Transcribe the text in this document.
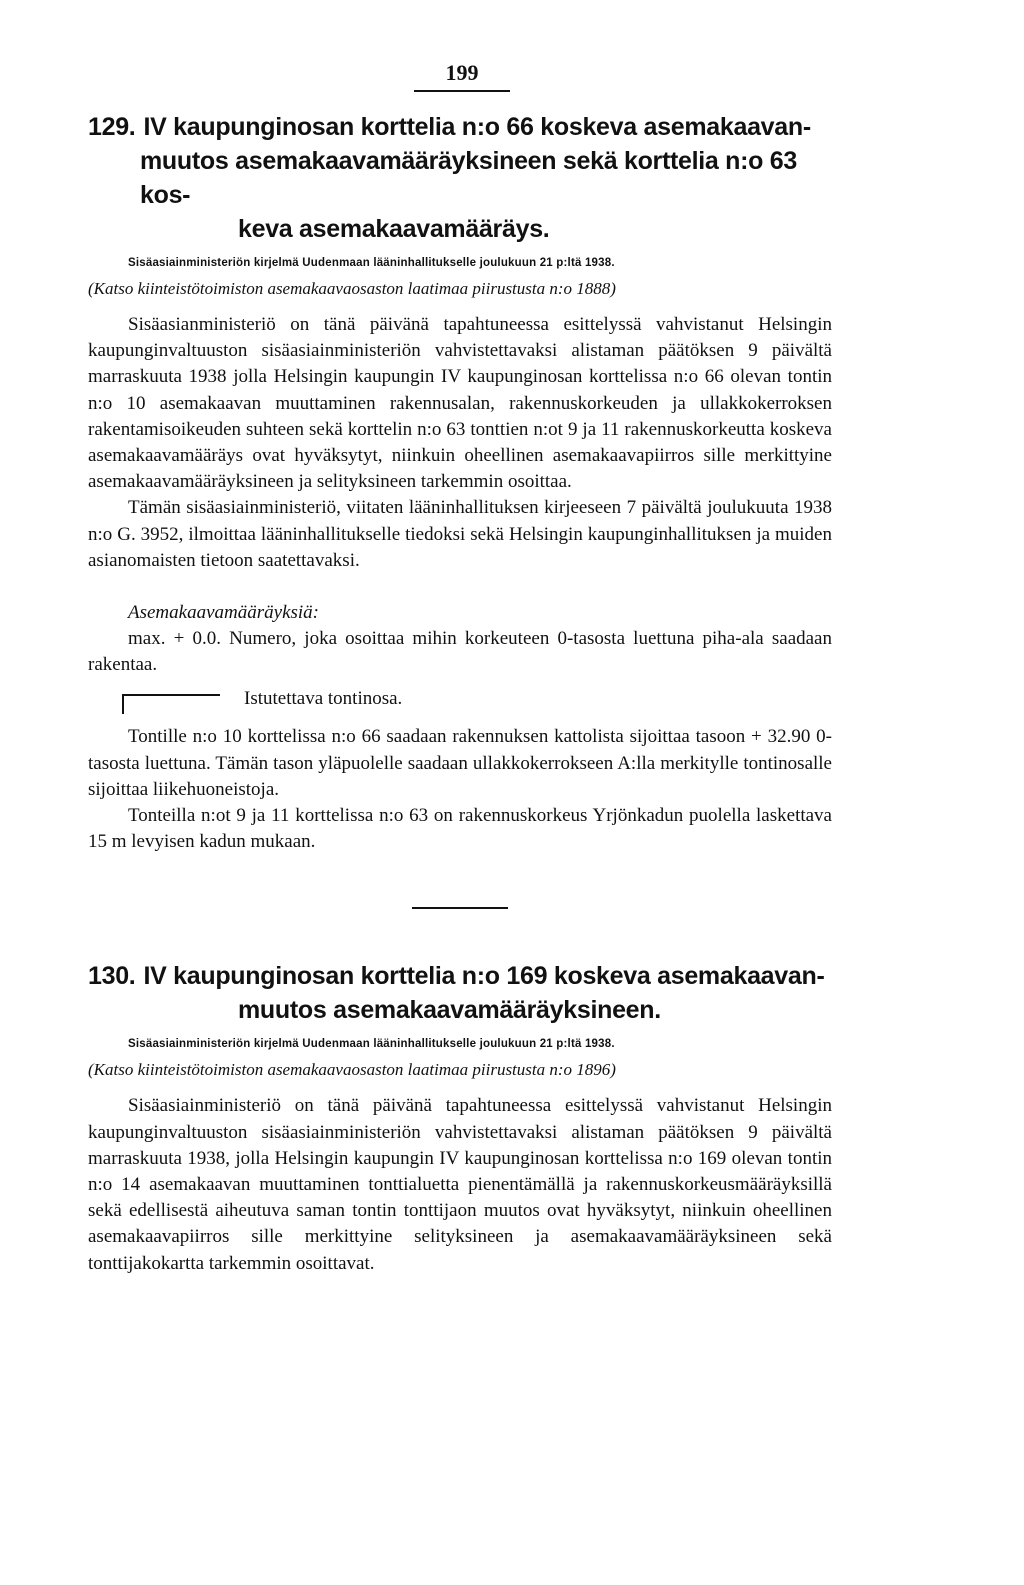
199
129. IV kaupunginosan korttelia n:o 66 koskeva asemakaavan-
muutos asemakaavamääräyksineen sekä korttelia n:o 63 kos-
keva asemakaavamääräys.
Sisäasiainministeriön kirjelmä Uudenmaan lääninhallitukselle joulukuun 21 p:ltä 1938.
(Katso kiinteistötoimiston asemakaavaosaston laatimaa piirustusta n:o 1888)

Sisäasianministeriö on tänä päivänä tapahtuneessa esittelyssä vahvistanut Helsingin kaupunginvaltuuston sisäasiainministeriön vahvistettavaksi alistaman päätöksen 9 päivältä marraskuuta 1938 jolla Helsingin kaupungin IV kaupunginosan korttelissa n:o 66 olevan tontin n:o 10 asemakaavan muuttaminen rakennusalan, rakennuskorkeuden ja ullakkokerroksen rakentamisoikeuden suhteen sekä korttelin n:o 63 tonttien n:ot 9 ja 11 rakennuskorkeutta koskeva asemakaavamääräys ovat hyväksytyt, niinkuin oheellinen asemakaavapiirros sille merkittyine asemakaavamääräyksineen ja selityksineen tarkemmin osoittaa.

Tämän sisäasiainministeriö, viitaten lääninhallituksen kirjeeseen 7 päivältä joulukuuta 1938 n:o G. 3952, ilmoittaa lääninhallitukselle tiedoksi sekä Helsingin kaupunginhallituksen ja muiden asianomaisten tietoon saatettavaksi.

Asemakaavamääräyksiä:

max. + 0.0. Numero, joka osoittaa mihin korkeuteen 0-tasosta luettuna piha-ala saadaan rakentaa.

Istutettava tontinosa.

Tontille n:o 10 korttelissa n:o 66 saadaan rakennuksen kattolista sijoittaa tasoon + 32.90 0-tasosta luettuna. Tämän tason yläpuolelle saadaan ullakkokerrokseen A:lla merkitylle tontinosalle sijoittaa liikehuoneistoja.

Tonteilla n:ot 9 ja 11 korttelissa n:o 63 on rakennuskorkeus Yrjönkadun puolella laskettava 15 m levyisen kadun mukaan.

130. IV kaupunginosan korttelia n:o 169 koskeva asemakaavan-
muutos asemakaavamääräyksineen.
Sisäasiainministeriön kirjelmä Uudenmaan lääninhallitukselle joulukuun 21 p:ltä 1938.
(Katso kiinteistötoimiston asemakaavaosaston laatimaa piirustusta n:o 1896)

Sisäasiainministeriö on tänä päivänä tapahtuneessa esittelyssä vahvistanut Helsingin kaupunginvaltuuston sisäasiainministeriön vahvistettavaksi alistaman päätöksen 9 päivältä marraskuuta 1938, jolla Helsingin kaupungin IV kaupunginosan korttelissa n:o 169 olevan tontin n:o 14 asemakaavan muuttaminen tonttialuetta pienentämällä ja rakennuskorkeusmääräyksillä sekä edellisestä aiheutuva saman tontin tonttijaon muutos ovat hyväksytyt, niinkuin oheellinen asemakaavapiirros sille merkittyine selityksineen ja asemakaavamääräyksineen sekä tonttijakokartta tarkemmin osoittavat.
